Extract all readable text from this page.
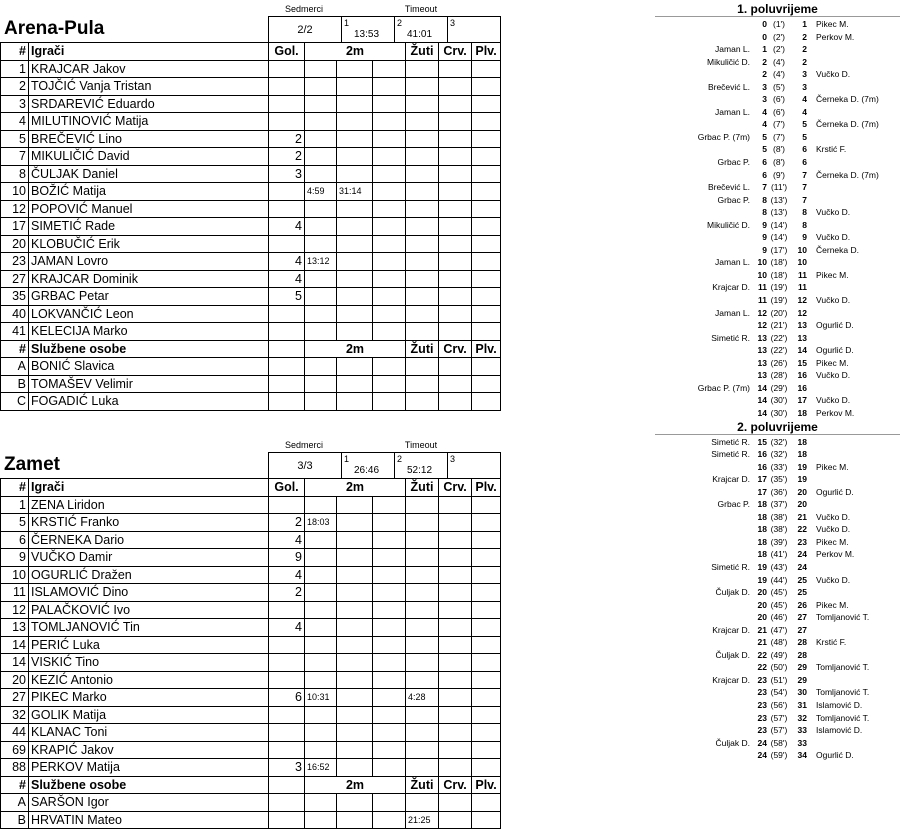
Arena-Pula
Sedmerci	Timeout
2/2
1
13:53
2
41:01
3
#	Igrači	Gol.	2m			Žuti	Crv.	Plv.
1	KRAJCAR Jakov							
2	TOJČIĆ Vanja Tristan							
3	SRDAREVIĆ Eduardo							
4	MILUTINOVIĆ Matija							
5	BREČEVIĆ Lino	2						
7	MIKULIČIĆ David	2						
8	ČULJAK Daniel	3						
10	BOŽIĆ Matija		4:59	31:14				
12	POPOVIĆ Manuel							
17	SIMETIĆ Rade	4						
20	KLOBUČIĆ Erik							
23	JAMAN Lovro	4	13:12					
27	KRAJCAR Dominik	4						
35	GRBAC Petar	5						
40	LOKVANČIĆ Leon							
41	KELECIJA Marko							
#	Službene osobe		2m			Žuti	Crv.	Plv.
A	BONIĆ Slavica							
B	TOMAŠEV Velimir							
C	FOGADIĆ Luka							
Zamet
Sedmerci	Timeout
3/3
1
26:46
2
52:12
3
#	Igrači	Gol.	2m			Žuti	Crv.	Plv.
1	ZENA Liridon							
5	KRSTIĆ Franko	2	18:03					
6	ČERNEKA Dario	4						
9	VUČKO Damir	9						
10	OGURLIĆ Dražen	4						
11	ISLAMOVIĆ Dino	2						
12	PALAČKOVIĆ Ivo							
13	TOMLJANOVIĆ Tin	4						
14	PERIĆ Luka							
14	VISKIĆ Tino							
20	KEZIĆ Antonio							
27	PIKEC Marko	6	10:31			4:28		
32	GOLIK Matija							
44	KLANAC Toni							
69	KRAPIĆ Jakov							
88	PERKOV Matija	3	16:52					
#	Službene osobe		2m			Žuti	Crv.	Plv.
A	SARŠON Igor							
B	HRVATIN Mateo					21:25		
1. poluvrijeme
0 (1')	1 Pikec M.
0 (2')	2 Perkov M.
Jaman L.	1 (2')	2
Mikuličić D.	2 (4')	2
2 (4')	3 Vučko D.
Brečević L.	3 (5')	3
3 (6')	4 Černeka D. (7m)
Jaman L.	4 (6')	4
4 (7')	5 Černeka D. (7m)
Grbac P. (7m)	5 (7')	5
5 (8')	6 Krstić F.
Grbac P.	6 (8')	6
6 (9')	7 Černeka D. (7m)
Brečević L.	7 (11')	7
Grbac P.	8 (13')	7
8 (13')	8 Vučko D.
Mikuličić D.	9 (14')	8
9 (14')	9 Vučko D.
9 (17') 10 Černeka D.
Jaman L. 10 (18') 10
10 (18')	11 Pikec M.
Krajcar D. 11 (19')	11
11 (19') 12 Vučko D.
Jaman L. 12 (20') 12
12 (21') 13 Ogurlić D.
Simetić R. 13 (22') 13
13 (22') 14 Ogurlić D.
13 (26') 15 Pikec M.
13 (28') 16 Vučko D.
Grbac P. (7m) 14 (29') 16
14 (30') 17 Vučko D.
14 (30') 18 Perkov M.
2. poluvrijeme
Simetić R. 15 (32') 18
Simetić R. 16 (32') 18
16 (33') 19 Pikec M.
Krajcar D. 17 (35') 19
17 (36') 20 Ogurlić D.
Grbac P. 18 (37') 20
18 (38') 21 Vučko D.
18 (38') 22 Vučko D.
18 (39') 23 Pikec M.
18 (41') 24 Perkov M.
Simetić R. 19 (43') 24
19 (44') 25 Vučko D.
Čuljak D. 20 (45') 25
20 (45') 26 Pikec M.
20 (46') 27 Tomljanović T.
Krajcar D. 21 (47') 27
21 (48') 28 Krstić F.
Čuljak D. 22 (49') 28
22 (50') 29 Tomljanović T.
Krajcar D. 23 (51') 29
23 (54') 30 Tomljanović T.
23 (56') 31 Islamović D.
23 (57') 32 Tomljanović T.
23 (57') 33 Islamović D.
Čuljak D. 24 (58') 33
24 (59') 34 Ogurlić D.
